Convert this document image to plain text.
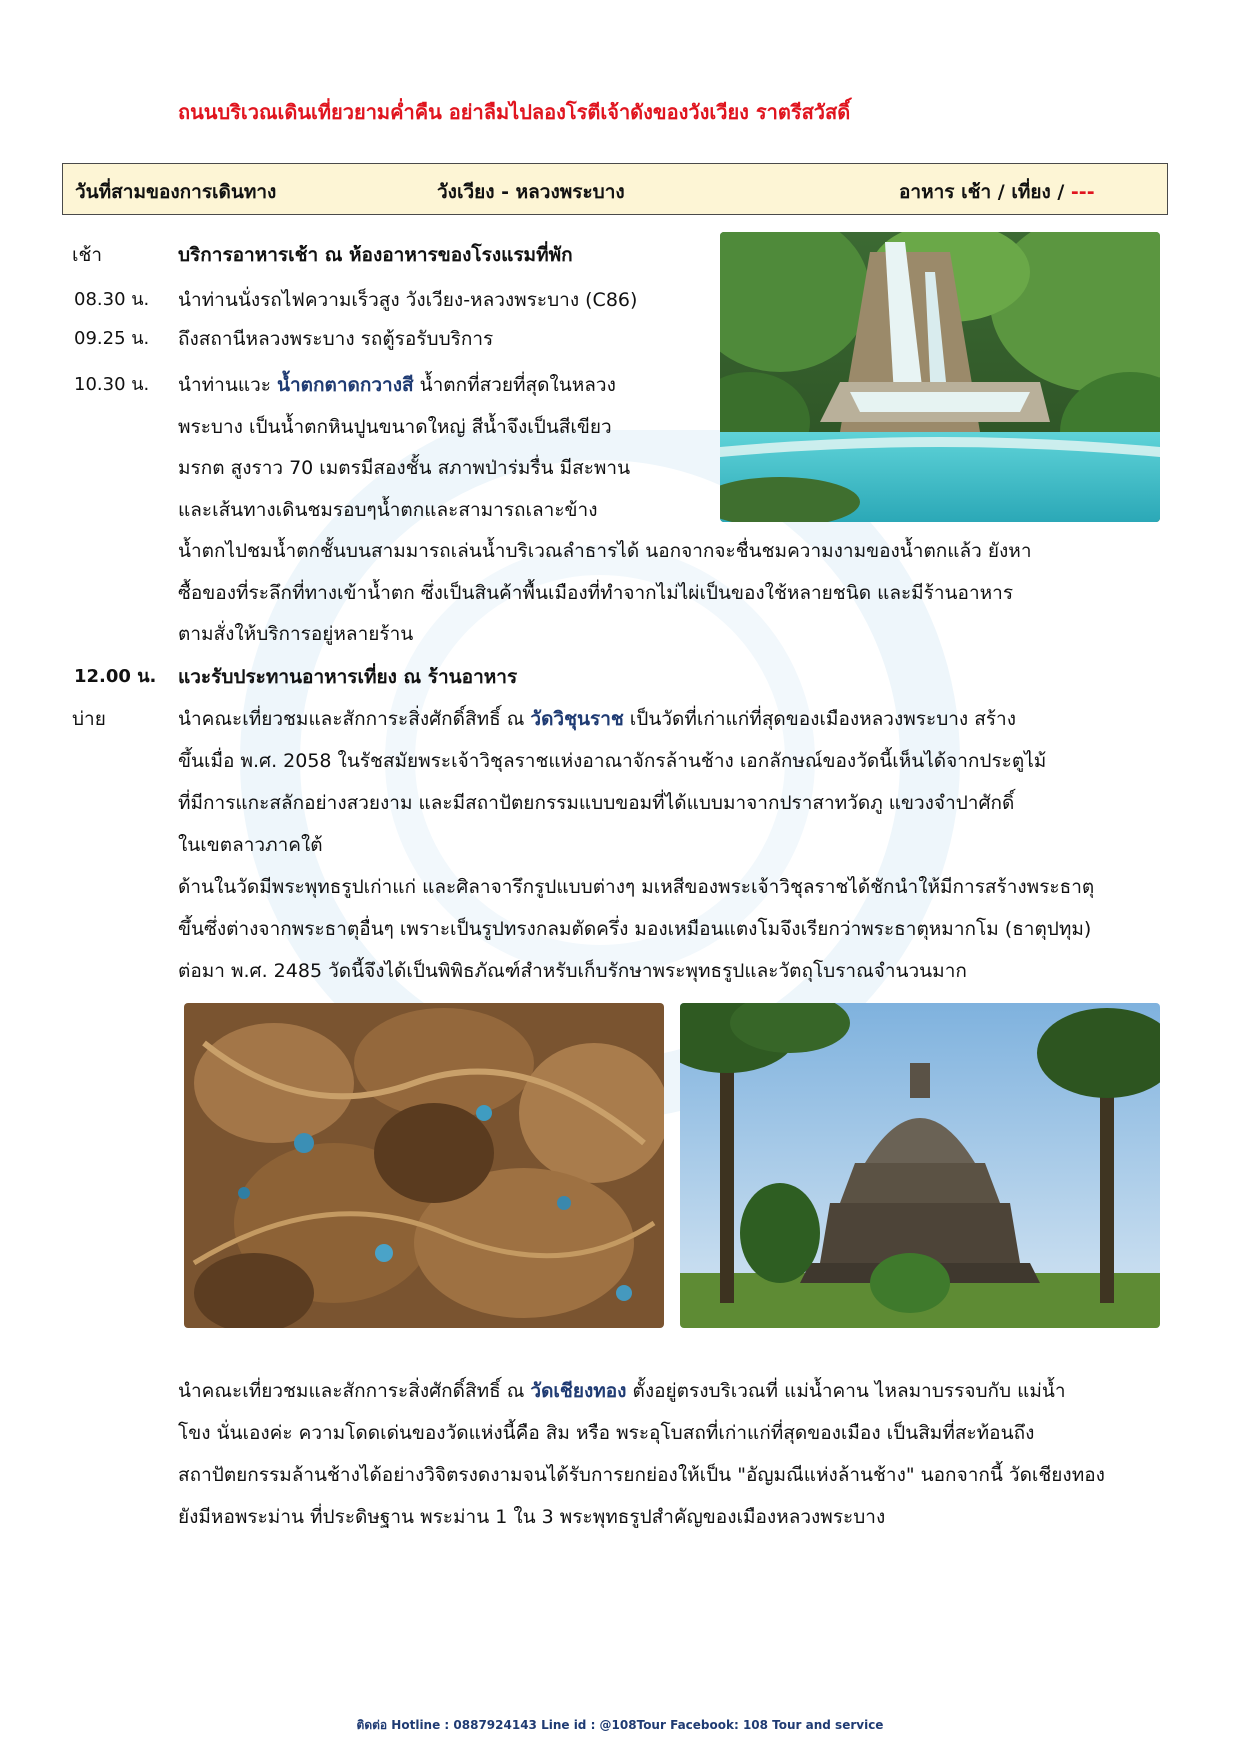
ถนนบริเวณเดินเที่ยวยามค่ำคืน อย่าลืมไปลองโรตีเจ้าดังของวังเวียง ราตรีสวัสดิ์
วันที่สามของการเดินทาง	วังเวียง - หลวงพระบาง	อาหาร เช้า / เที่ยง / ---
เช้า	บริการอาหารเช้า ณ ห้องอาหารของโรงแรมที่พัก
08.30 น. นำท่านนั่งรถไฟความเร็วสูง วังเวียง-หลวงพระบาง (C86)
09.25 น. ถึงสถานีหลวงพระบาง รถตู้รอรับบริการ
10.30 น. นำท่านแวะ น้ำตกตาดกวางสี น้ำตกที่สวยที่สุดในหลวง
พระบาง เป็นน้ำตกหินปูนขนาดใหญ่ สีน้ำจึงเป็นสีเขียว
มรกต สูงราว 70 เมตรมีสองชั้น สภาพป่าร่มรื่น มีสะพาน
และเส้นทางเดินชมรอบๆน้ำตกและสามารถเลาะข้าง
น้ำตกไปชมน้ำตกชั้นบนสามมารถเล่นน้ำบริเวณลำธารได้ นอกจากจะชื่นชมความงามของน้ำตกแล้ว ยังหา
ซื้อของที่ระลึกที่ทางเข้าน้ำตก ซึ่งเป็นสินค้าพื้นเมืองที่ทำจากไม่ไผ่เป็นของใช้หลายชนิด และมีร้านอาหาร
ตามสั่งให้บริการอยู่หลายร้าน
12.00 น. แวะรับประทานอาหารเที่ยง ณ ร้านอาหาร
บ่าย	นำคณะเที่ยวชมและสักการะสิ่งศักดิ์สิทธิ์ ณ วัดวิชุนราช เป็นวัดที่เก่าแก่ที่สุดของเมืองหลวงพระบาง สร้าง
ขึ้นเมื่อ พ.ศ. 2058 ในรัชสมัยพระเจ้าวิชุลราชแห่งอาณาจักรล้านช้าง เอกลักษณ์ของวัดนี้เห็นได้จากประตูไม้
ที่มีการแกะสลักอย่างสวยงาม และมีสถาปัตยกรรมแบบขอมที่ได้แบบมาจากปราสาทวัดภู แขวงจำปาศักดิ์
ในเขตลาวภาคใต้
ด้านในวัดมีพระพุทธรูปเก่าแก่ และศิลาจารึกรูปแบบต่างๆ มเหสีของพระเจ้าวิชุลราชได้ชักนำให้มีการสร้างพระธาตุ
ขึ้นซึ่งต่างจากพระธาตุอื่นๆ เพราะเป็นรูปทรงกลมตัดครึ่ง มองเหมือนแตงโมจึงเรียกว่าพระธาตุหมากโม (ธาตุปทุม)
ต่อมา พ.ศ. 2485 วัดนี้จึงได้เป็นพิพิธภัณฑ์สำหรับเก็บรักษาพระพุทธรูปและวัตถุโบราณจำนวนมาก
นำคณะเที่ยวชมและสักการะสิ่งศักดิ์สิทธิ์ ณ วัดเชียงทอง ตั้งอยู่ตรงบริเวณที่ แม่น้ำคาน ไหลมาบรรจบกับ แม่น้ำ
โขง นั่นเองค่ะ ความโดดเด่นของวัดแห่งนี้คือ สิม หรือ พระอุโบสถที่เก่าแก่ที่สุดของเมือง เป็นสิมที่สะท้อนถึง
สถาปัตยกรรมล้านช้างได้อย่างวิจิตรงดงามจนได้รับการยกย่องให้เป็น "อัญมณีแห่งล้านช้าง" นอกจากนี้ วัดเชียงทอง
ยังมีหอพระม่าน ที่ประดิษฐาน พระม่าน 1 ใน 3 พระพุทธรูปสำคัญของเมืองหลวงพระบาง
ติดต่อ Hotline : 0887924143 Line id : @108Tour Facebook: 108 Tour and service
